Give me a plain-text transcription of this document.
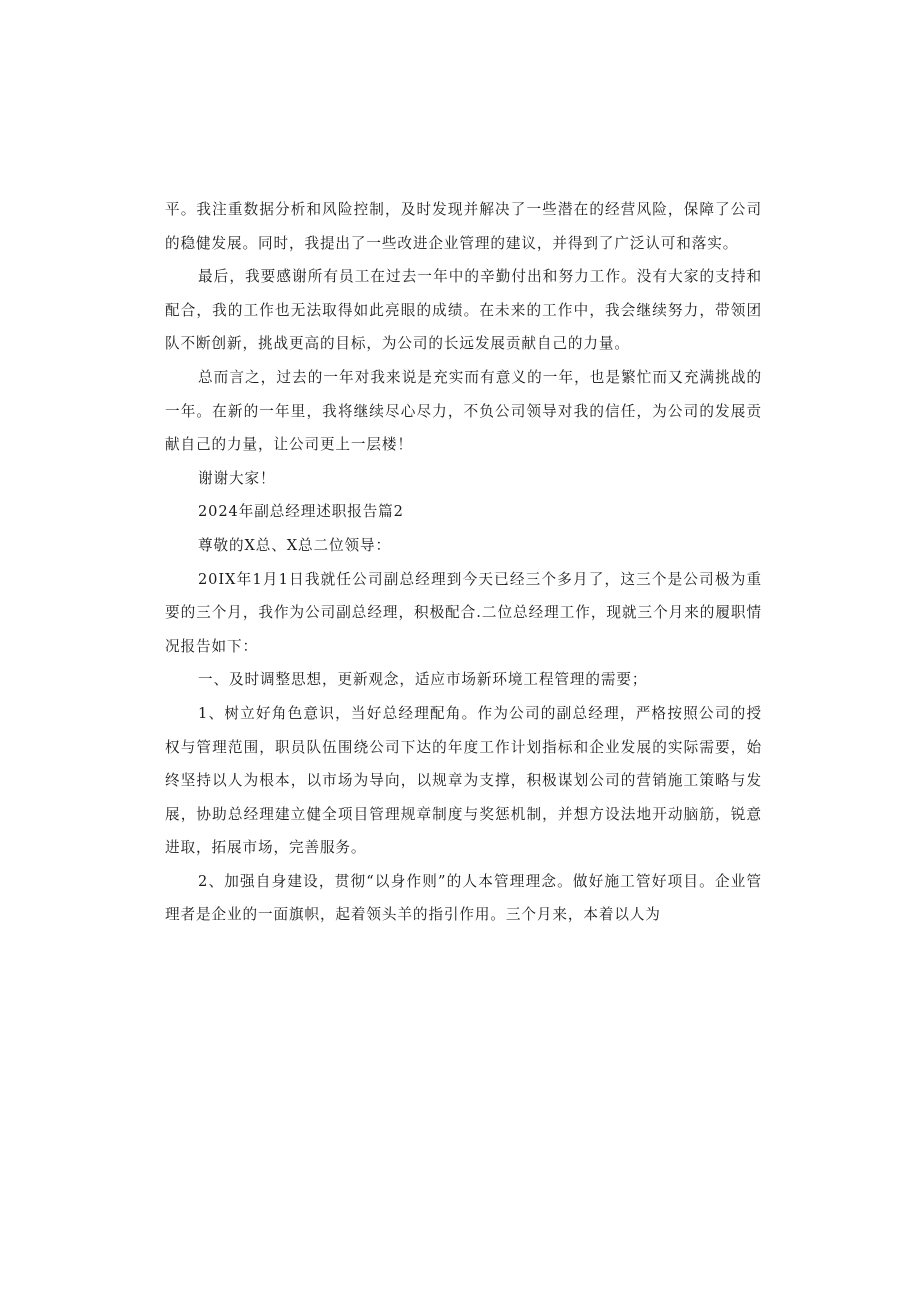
平。我注重数据分析和风险控制，及时发现并解决了一些潜在的经营风险，保障了公司的稳健发展。同时，我提出了一些改进企业管理的建议，并得到了广泛认可和落实。

最后，我要感谢所有员工在过去一年中的辛勤付出和努力工作。没有大家的支持和配合，我的工作也无法取得如此亮眼的成绩。在未来的工作中，我会继续努力，带领团队不断创新，挑战更高的目标，为公司的长远发展贡献自己的力量。

总而言之，过去的一年对我来说是充实而有意义的一年，也是繁忙而又充满挑战的一年。在新的一年里，我将继续尽心尽力，不负公司领导对我的信任，为公司的发展贡献自己的力量，让公司更上一层楼！

谢谢大家！

2024年副总经理述职报告篇2

尊敬的X总、X总二位领导：

20IX年1月1日我就任公司副总经理到今天已经三个多月了，这三个是公司极为重要的三个月，我作为公司副总经理，积极配合.二位总经理工作，现就三个月来的履职情况报告如下：

一、及时调整思想，更新观念，适应市场新环境工程管理的需要；

1、树立好角色意识，当好总经理配角。作为公司的副总经理，严格按照公司的授权与管理范围，职员队伍围绕公司下达的年度工作计划指标和企业发展的实际需要，始终坚持以人为根本，以市场为导向，以规章为支撑，积极谋划公司的营销施工策略与发展，协助总经理建立健全项目管理规章制度与奖惩机制，并想方设法地开动脑筋，锐意进取，拓展市场，完善服务。

2、加强自身建设，贯彻“以身作则”的人本管理理念。做好施工管好项目。企业管理者是企业的一面旗帜，起着领头羊的指引作用。三个月来，本着以人为
